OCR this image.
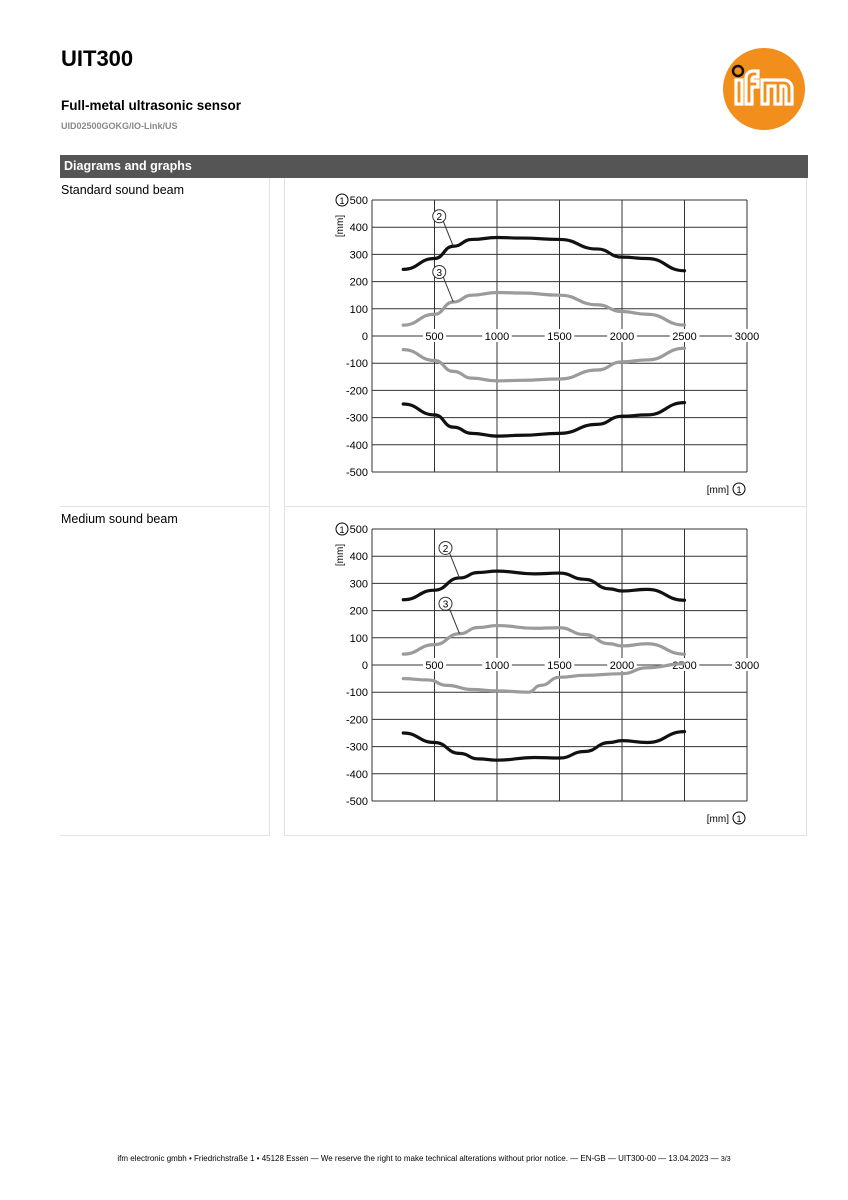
UIT300
Full-metal ultrasonic sensor
UID02500GOKG/IO-Link/US
Diagrams and graphs
Standard sound beam
500
400
300
200
100
0
-100
-200
-300
-400
-500
500	1000	1500	2000	2500	3000
1
[mm]
[mm] 1
2
3
Medium sound beam
500
400
300
200
100
0
-100
-200
-300
-400
-500
500	1000	1500	2000	2500	3000
1
[mm]
[mm] 1
2
3
ifm electronic gmbh • Friedrichstraße 1 • 45128 Essen — We reserve the right to make technical alterations without prior notice. — EN-GB — UIT300-00 — 13.04.2023 — 3/3
